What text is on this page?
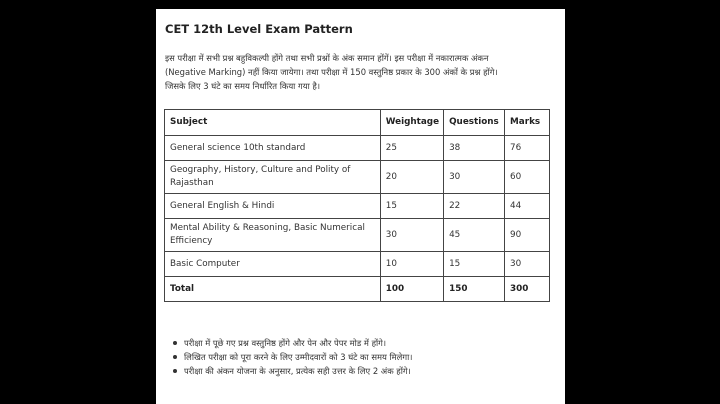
CET 12th Level Exam Pattern
इस परीक्षा में सभी प्रश्न बहुविकल्पी होंगे तथा सभी प्रश्नों के अंक समान होंगें। इस परीक्षा में नकारात्मक अंकन
(Negative Marking) नहीं किया जायेगा। तथा परीक्षा में 150 वस्तुनिष्ठ प्रकार के 300 अंकों के प्रश्न होंगे।
जिसके लिए 3 घंटे का समय निर्धारित किया गया है।
Subject	Weightage	Questions	Marks
General science 10th standard	25	38	76
Geography, History, Culture and Polity of Rajasthan	20	30	60
General English & Hindi	15	22	44
Mental Ability & Reasoning, Basic Numerical Efficiency	30	45	90
Basic Computer	10	15	30
Total	100	150	300
परीक्षा में पूछे गए प्रश्न वस्तुनिष्ठ होंगे और पेन और पेपर मोड में होंगे।
लिखित परीक्षा को पूरा करने के लिए उम्मीदवारों को 3 घंटे का समय मिलेगा।
परीक्षा की अंकन योजना के अनुसार, प्रत्येक सही उत्तर के लिए 2 अंक होंगे।
